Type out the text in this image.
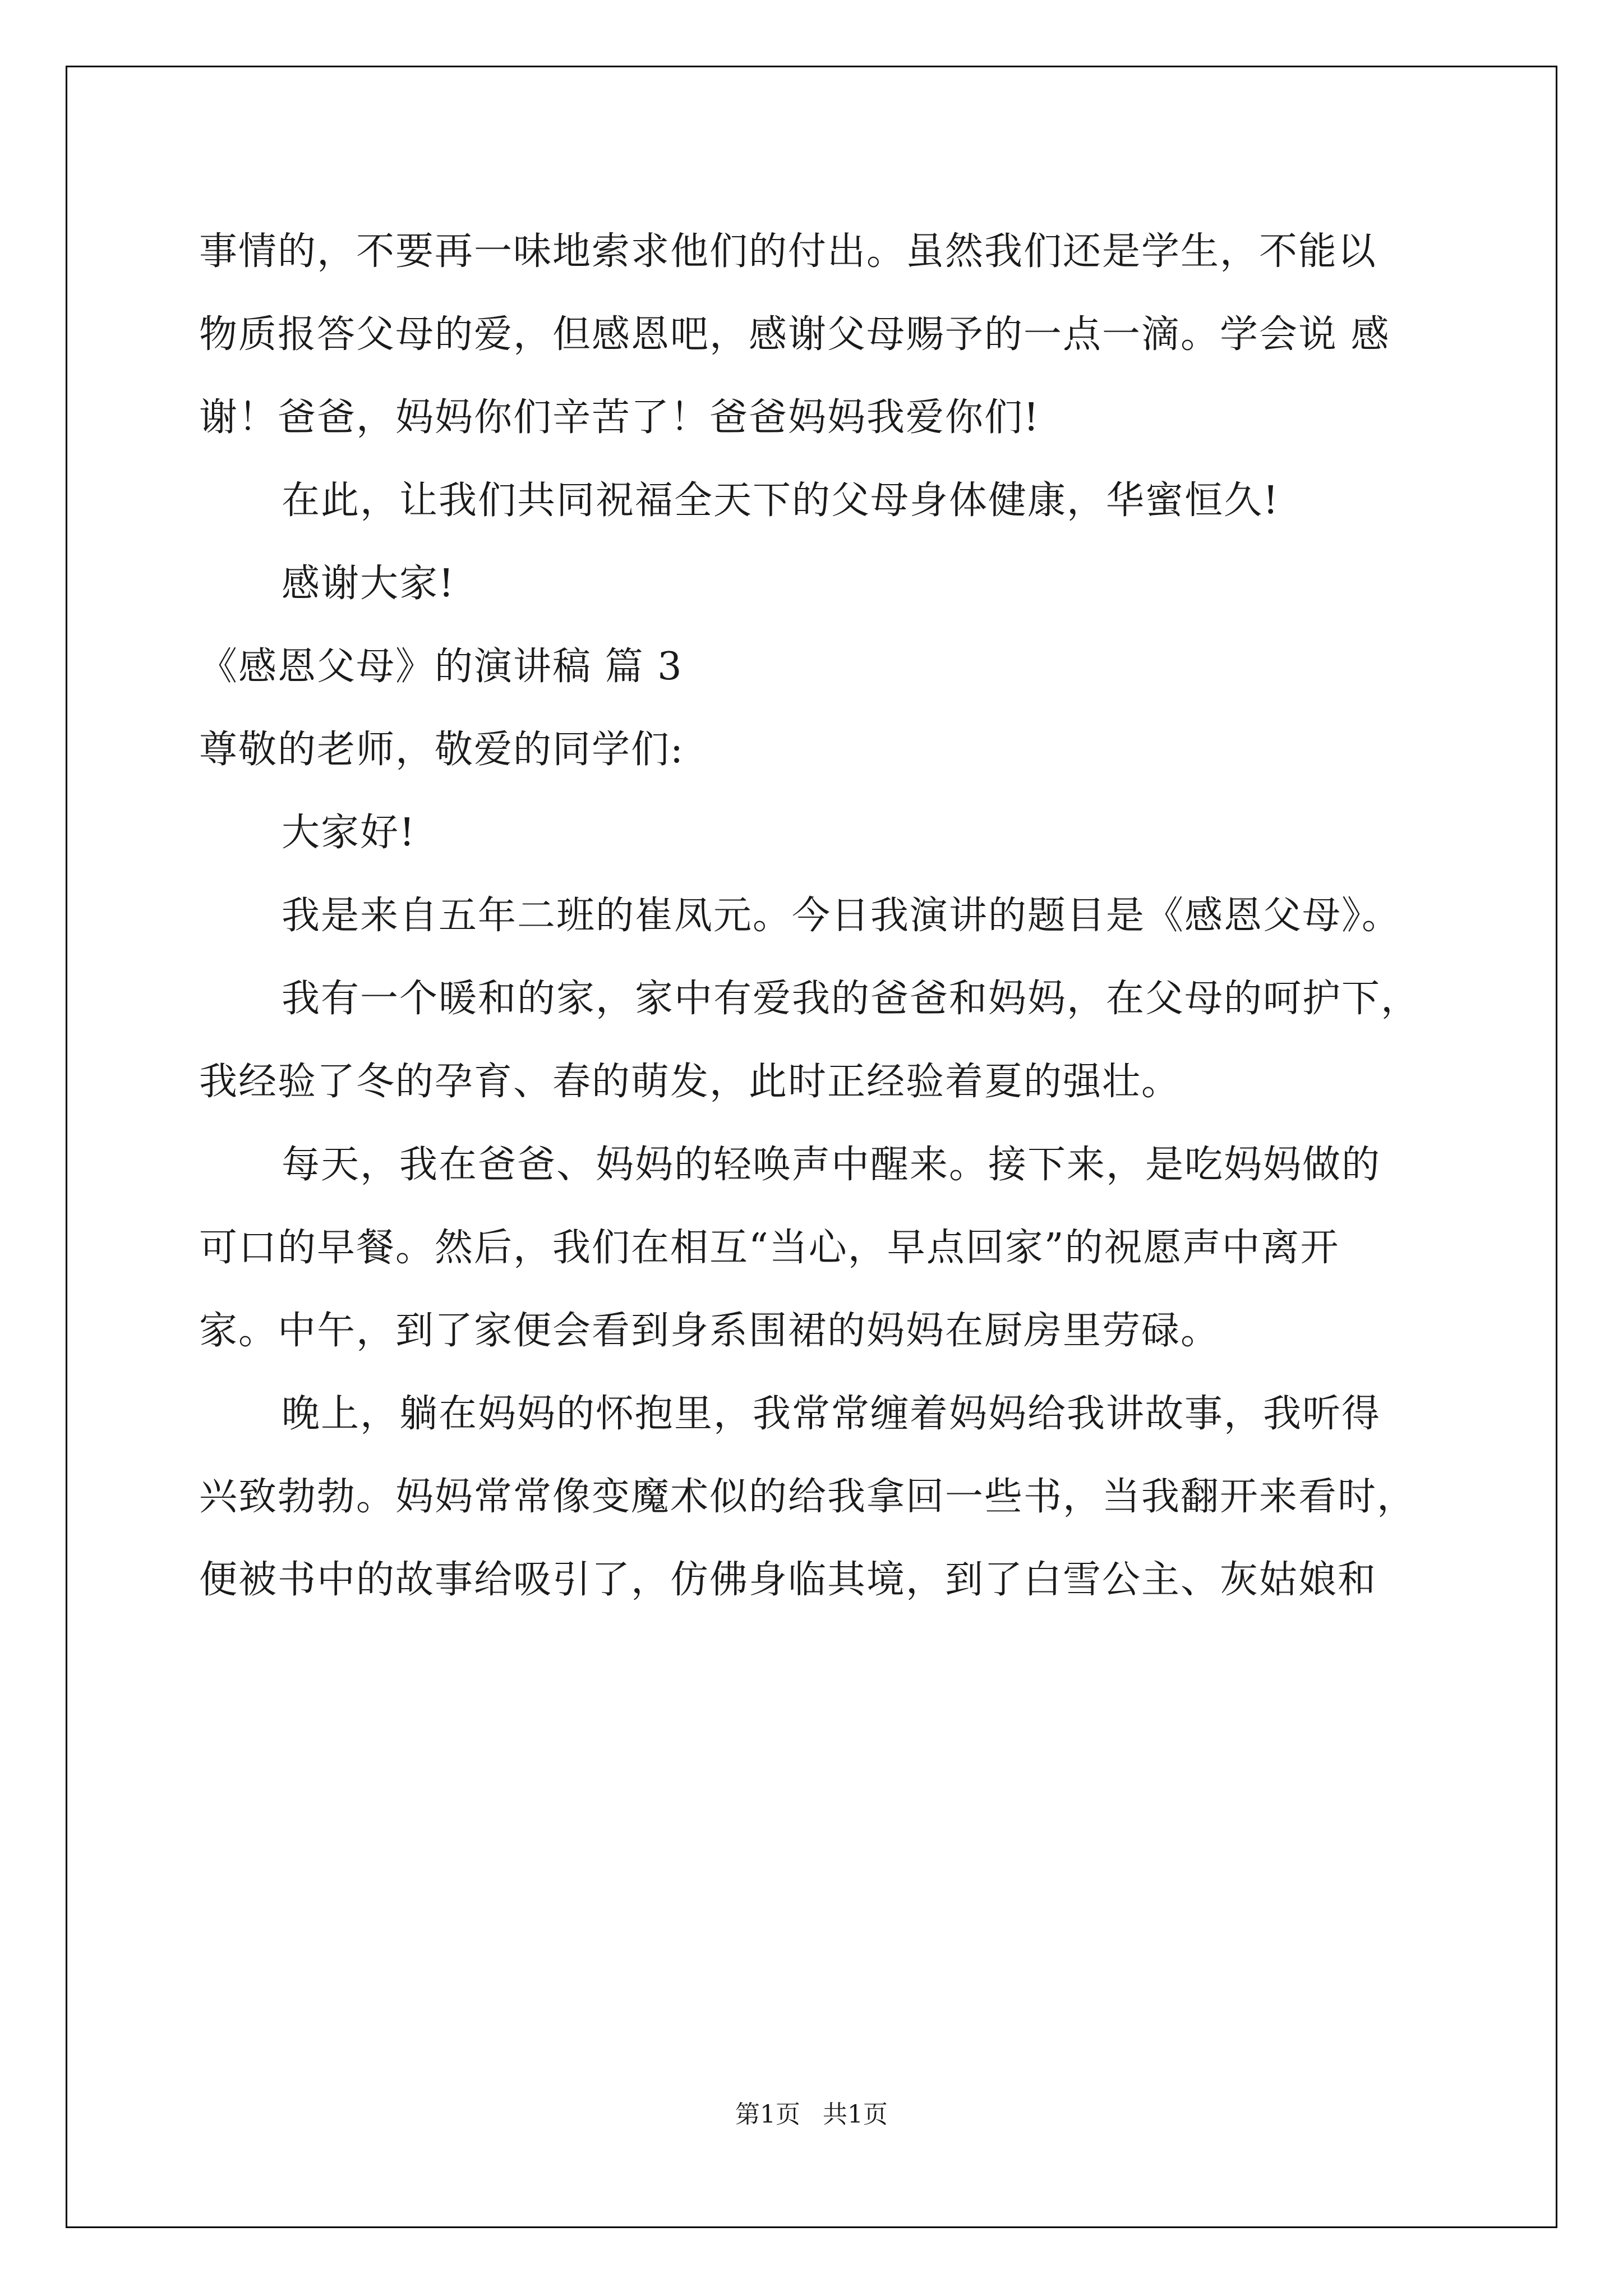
事情的，不要再一味地索求他们的付出。虽然我们还是学生，不能以
物质报答父母的爱，但感恩吧，感谢父母赐予的一点一滴。学会说 感
谢！爸爸，妈妈你们辛苦了！爸爸妈妈我爱你们!
在此，让我们共同祝福全天下的父母身体健康，华蜜恒久!
感谢大家!
《感恩父母》的演讲稿 篇 3
尊敬的老师，敬爱的同学们:
大家好!
我是来自五年二班的崔凤元。今日我演讲的题目是《感恩父母》。
我有一个暖和的家，家中有爱我的爸爸和妈妈，在父母的呵护下，
我经验了冬的孕育、春的萌发，此时正经验着夏的强壮。
每天，我在爸爸、妈妈的轻唤声中醒来。接下来，是吃妈妈做的
可口的早餐。然后，我们在相互“当心，早点回家”的祝愿声中离开
家。中午，到了家便会看到身系围裙的妈妈在厨房里劳碌。
晚上，躺在妈妈的怀抱里，我常常缠着妈妈给我讲故事，我听得
兴致勃勃。妈妈常常像变魔术似的给我拿回一些书，当我翻开来看时，
便被书中的故事给吸引了，仿佛身临其境，到了白雪公主、灰姑娘和
第1页 共1页
